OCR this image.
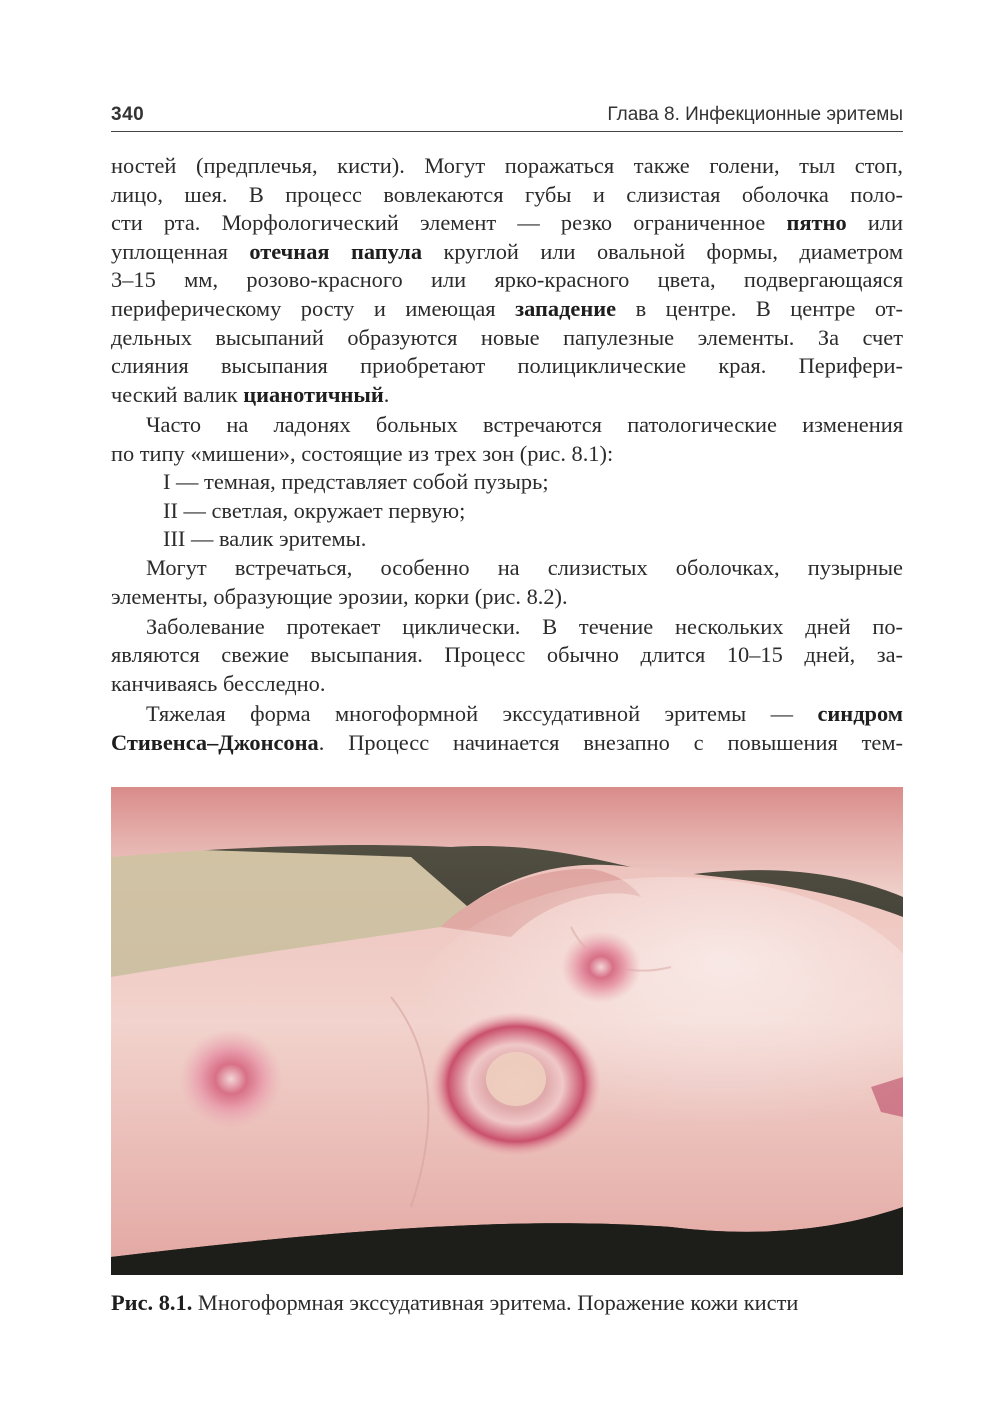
340	Глава 8. Инфекционные эритемы
ностей (предплечья, кисти). Могут поражаться также голени, тыл стоп,
лицо, шея. В процесс вовлекаются губы и слизистая оболочка поло-
сти рта. Морфологический элемент — резко ограниченное пятно или
уплощенная отечная папула круглой или овальной формы, диаметром
3–15 мм, розово-красного или ярко-красного цвета, подвергающаяся
периферическому росту и имеющая западение в центре. В центре от-
дельных высыпаний образуются новые папулезные элементы. За счет
слияния высыпания приобретают полициклические края. Перифери-
ческий валик цианотичный.
Часто на ладонях больных встречаются патологические изменения
по типу «мишени», состоящие из трех зон (рис. 8.1):
I — темная, представляет собой пузырь;
II — светлая, окружает первую;
III — валик эритемы.
Могут встречаться, особенно на слизистых оболочках, пузырные
элементы, образующие эрозии, корки (рис. 8.2).
Заболевание протекает циклически. В течение нескольких дней по-
являются свежие высыпания. Процесс обычно длится 10–15 дней, за-
канчиваясь бесследно.
Тяжелая форма многоформной экссудативной эритемы — синдром
Стивенса–Джонсона. Процесс начинается внезапно с повышения тем-
Рис. 8.1. Многоформная экссудативная эритема. Поражение кожи кисти
